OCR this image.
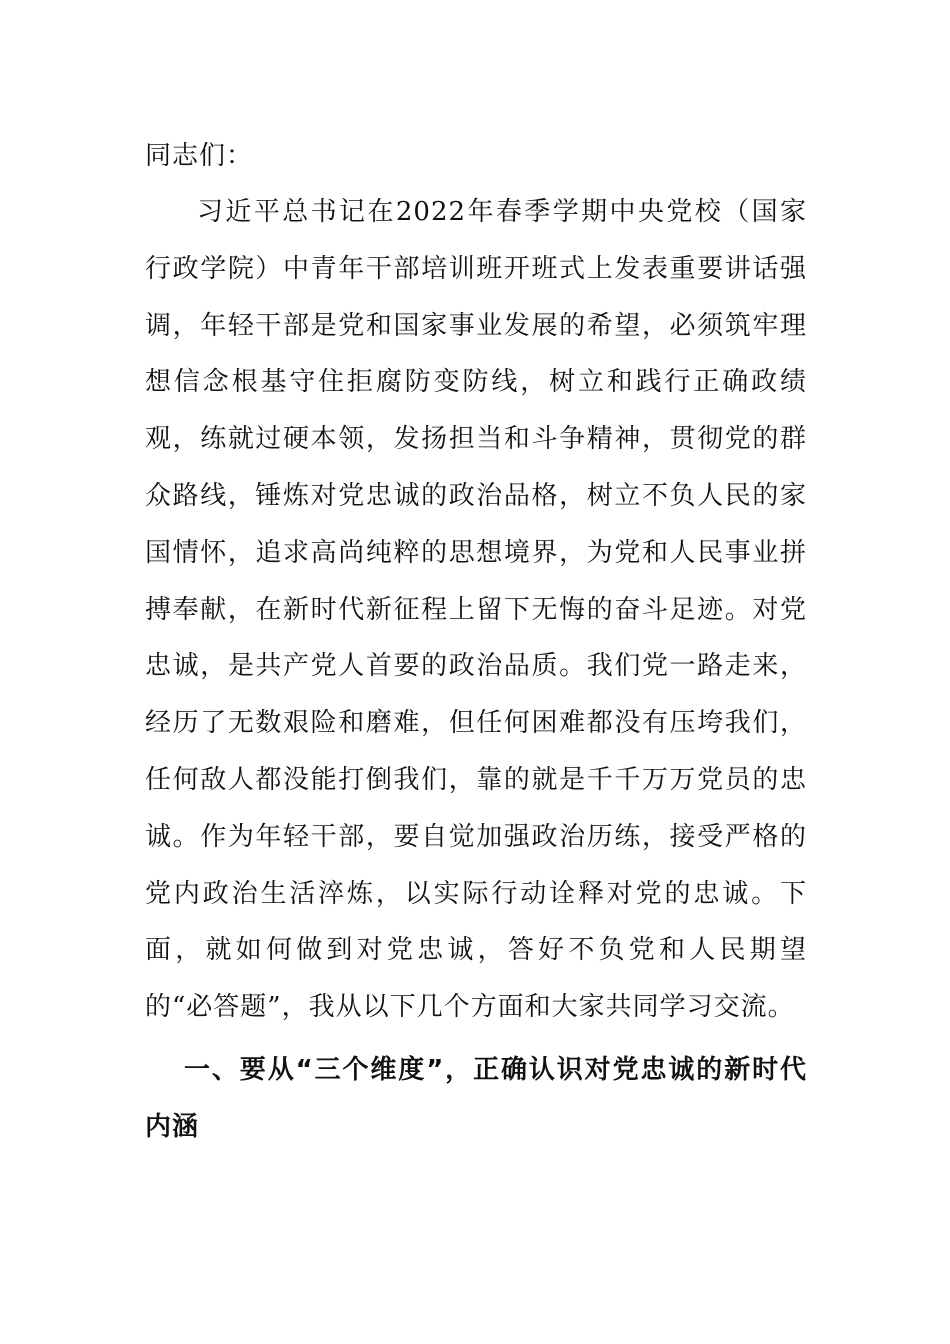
同志们：

习近平总书记在2022年春季学期中央党校（国家行政学院）中青年干部培训班开班式上发表重要讲话强调，年轻干部是党和国家事业发展的希望，必须筑牢理想信念根基守住拒腐防变防线，树立和践行正确政绩观，练就过硬本领，发扬担当和斗争精神，贯彻党的群众路线，锤炼对党忠诚的政治品格，树立不负人民的家国情怀，追求高尚纯粹的思想境界，为党和人民事业拼搏奉献，在新时代新征程上留下无悔的奋斗足迹。对党忠诚，是共产党人首要的政治品质。我们党一路走来，经历了无数艰险和磨难，但任何困难都没有压垮我们，任何敌人都没能打倒我们，靠的就是千千万万党员的忠诚。作为年轻干部，要自觉加强政治历练，接受严格的党内政治生活淬炼，以实际行动诠释对党的忠诚。下面，就如何做到对党忠诚，答好不负党和人民期望的“必答题”，我从以下几个方面和大家共同学习交流。

一、要从“三个维度”，正确认识对党忠诚的新时代内涵
